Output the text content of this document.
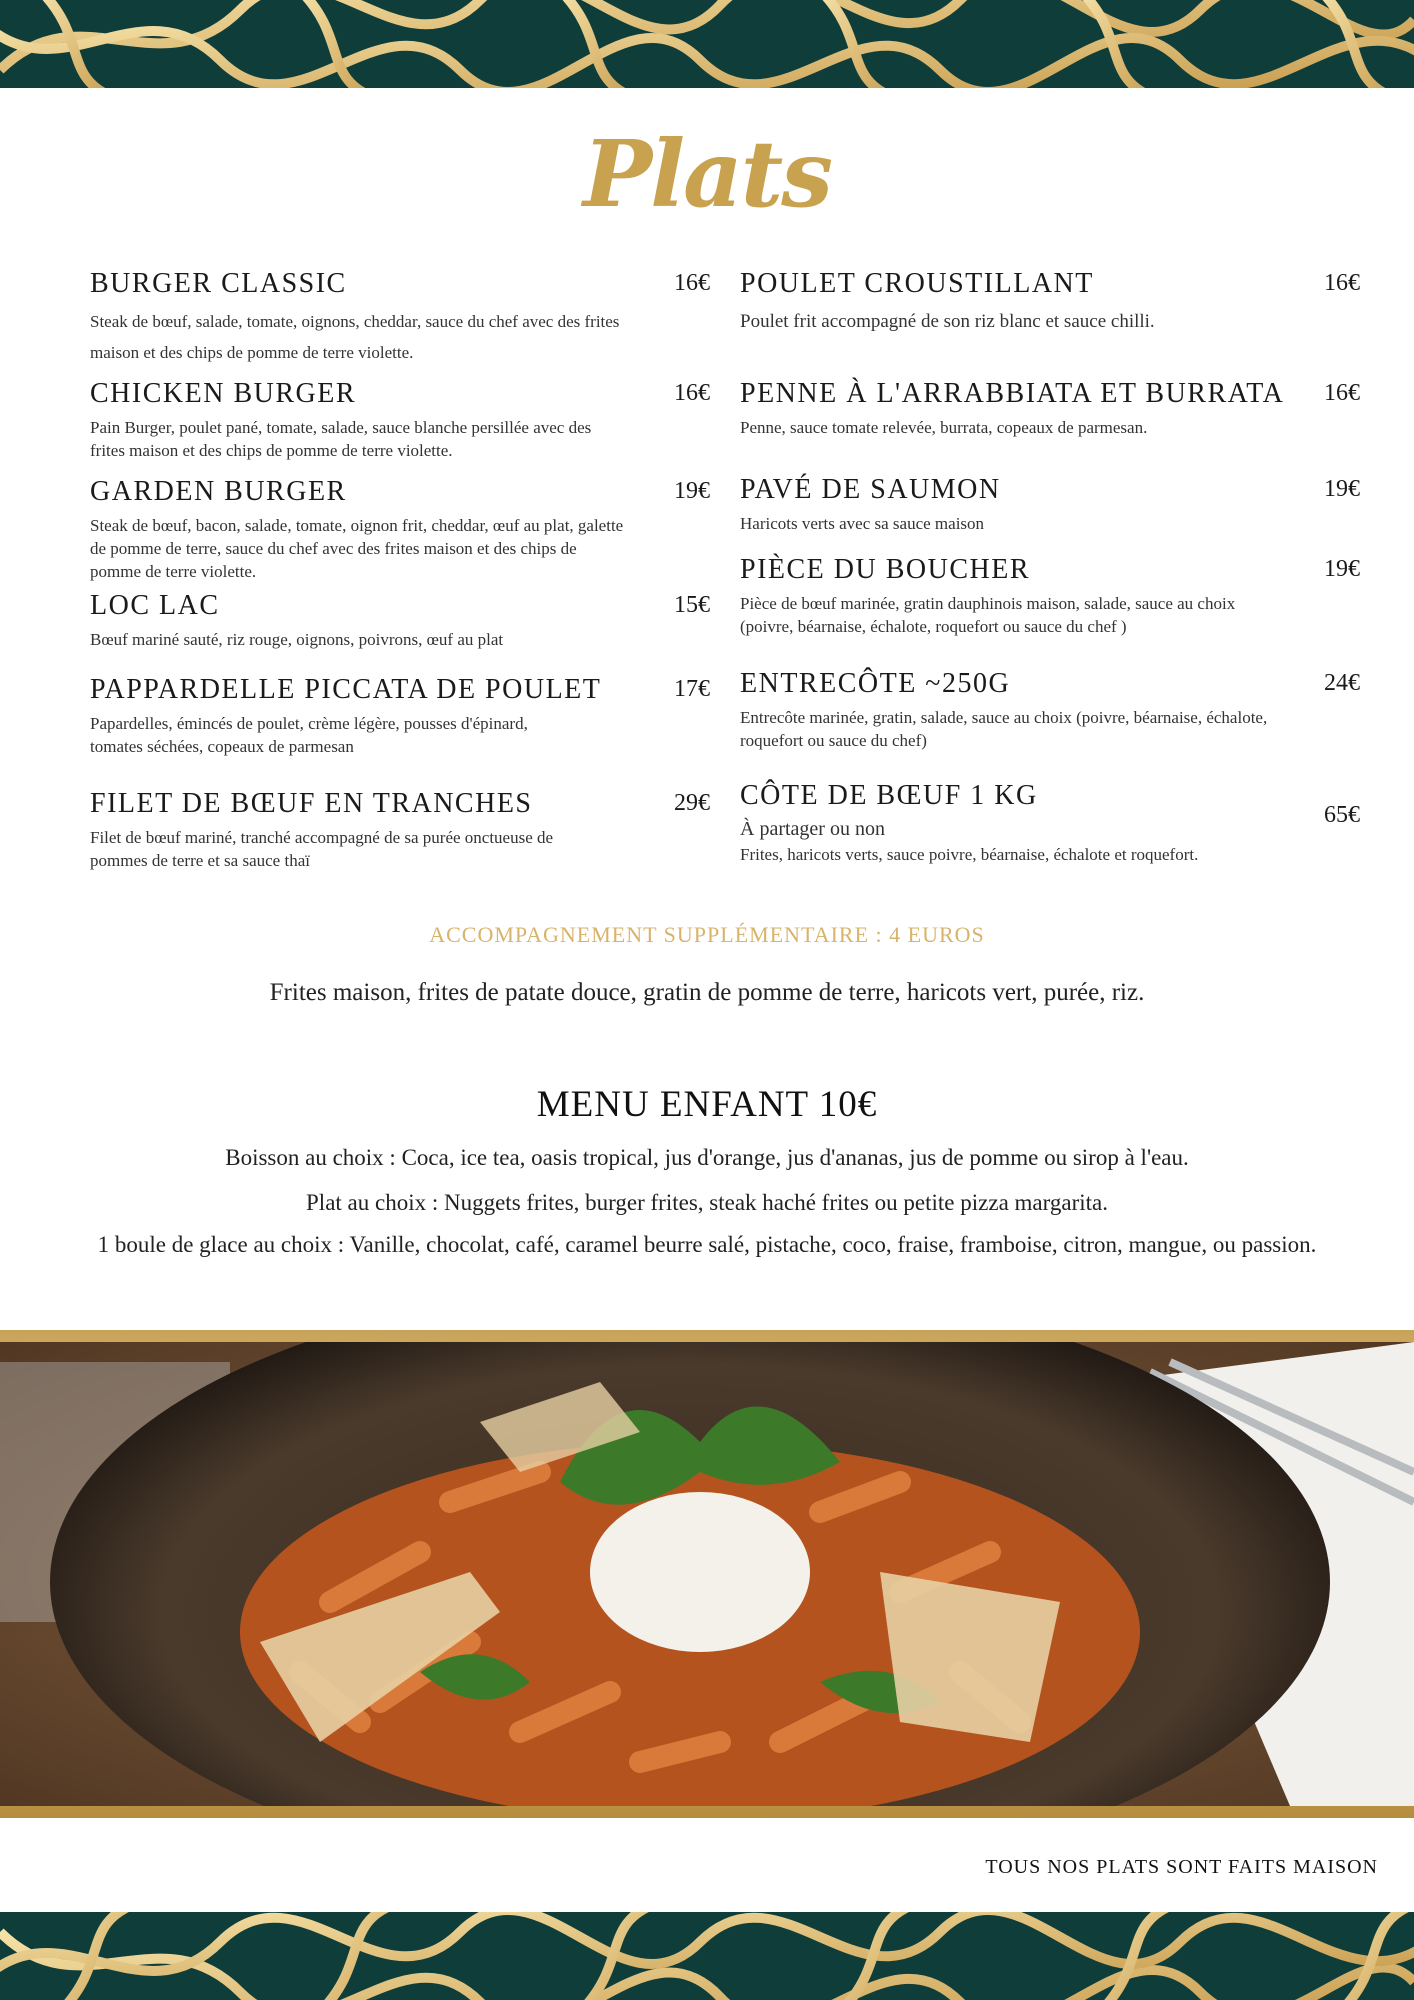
Plats
BURGER CLASSIC	16€
Steak de bœuf, salade, tomate, oignons, cheddar, sauce du chef avec des frites maison et des chips de pomme de terre violette.
CHICKEN BURGER	16€
Pain Burger, poulet pané, tomate, salade, sauce blanche persillée avec des frites maison et des chips de pomme de terre violette.
GARDEN BURGER	19€
Steak de bœuf, bacon, salade, tomate, oignon frit, cheddar, œuf au plat, galette de pomme de terre, sauce du chef avec des frites maison et des chips de pomme de terre violette.
LOC LAC	15€
Bœuf mariné sauté, riz rouge, oignons, poivrons, œuf au plat
PAPPARDELLE PICCATA DE POULET	17€
Papardelles, émincés de poulet, crème légère, pousses d'épinard, tomates séchées, copeaux de parmesan
FILET DE BŒUF EN TRANCHES	29€
Filet de bœuf mariné, tranché accompagné de sa purée onctueuse de pommes de terre et sa sauce thaï
POULET CROUSTILLANT	16€
Poulet frit accompagné de son riz blanc et sauce chilli.
PENNE À L'ARRABBIATA ET BURRATA	16€
Penne, sauce tomate relevée, burrata, copeaux de parmesan.
PAVÉ DE SAUMON	19€
Haricots verts avec sa sauce maison
PIÈCE DU BOUCHER	19€
Pièce de bœuf marinée, gratin dauphinois maison, salade, sauce au choix (poivre, béarnaise, échalote, roquefort ou sauce du chef )
ENTRECÔTE ~250G	24€
Entrecôte marinée, gratin, salade, sauce au choix (poivre, béarnaise, échalote, roquefort ou sauce du chef)
CÔTE DE BŒUF 1 KG
65€
À partager ou non
Frites, haricots verts, sauce poivre, béarnaise, échalote et roquefort.
ACCOMPAGNEMENT SUPPLÉMENTAIRE : 4 EUROS
Frites maison, frites de patate douce, gratin de pomme de terre, haricots vert, purée, riz.
MENU ENFANT 10€
Boisson au choix : Coca, ice tea, oasis tropical, jus d'orange, jus d'ananas, jus de pomme ou sirop à l'eau.
Plat au choix : Nuggets frites, burger frites, steak haché frites ou petite pizza margarita.
1 boule de glace au choix : Vanille, chocolat, café, caramel beurre salé, pistache, coco, fraise, framboise, citron, mangue, ou passion.
TOUS NOS PLATS SONT FAITS MAISON
